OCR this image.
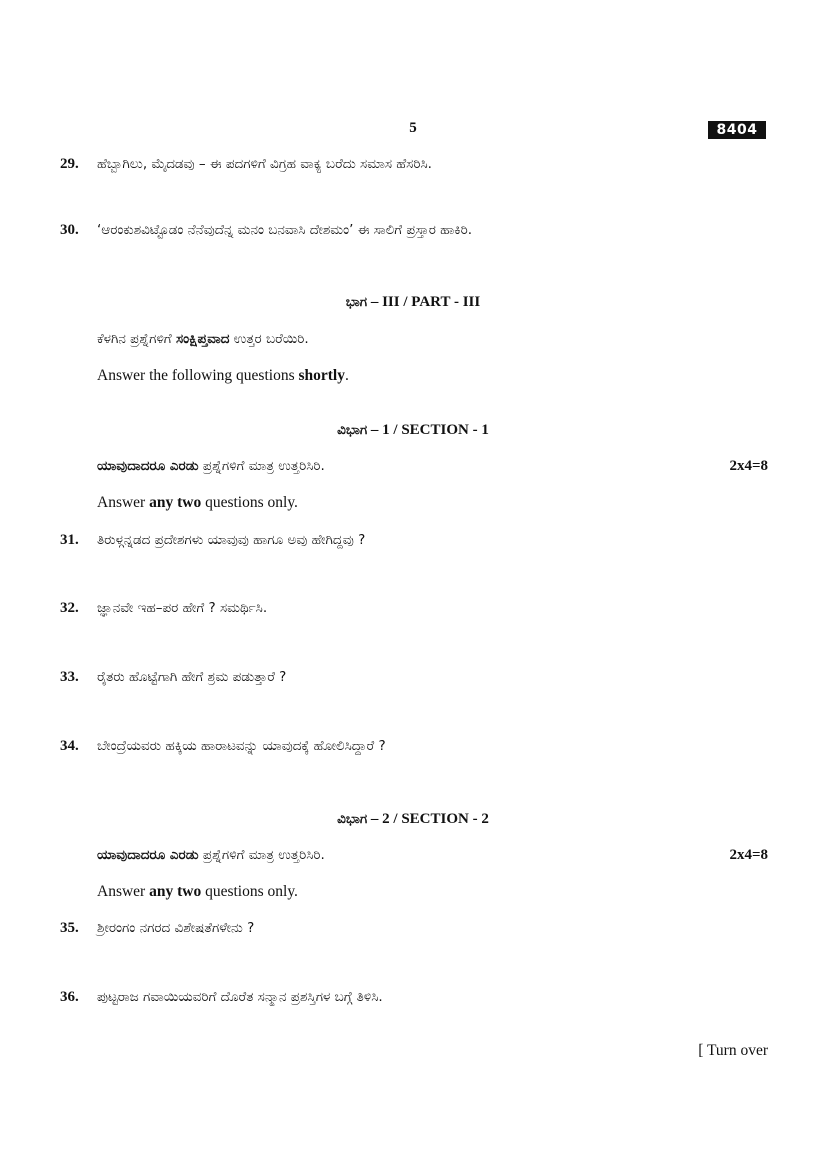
5	8404
29.	ಹೆಬ್ಬಾಗಿಲು, ಮೈದಡವು – ಈ ಪದಗಳಿಗೆ ವಿಗ್ರಹ ವಾಕ್ಯ ಬರೆದು ಸಮಾಸ ಹೆಸರಿಸಿ.
30.	‘ಆರಂಕುಶವಿಟ್ಟೊಡಂ ನೆನೆವುದೆನ್ನ ಮನಂ ಬನವಾಸಿ ದೇಶಮಂ’ ಈ ಸಾಲಿಗೆ ಪ್ರಸ್ತಾರ ಹಾಕಿರಿ.
ಭಾಗ – III / PART - III
ಕೆಳಗಿನ ಪ್ರಶ್ನೆಗಳಿಗೆ ಸಂಕ್ಷಿಪ್ತವಾದ ಉತ್ತರ ಬರೆಯಿರಿ.
Answer the following questions shortly.
ವಿಭಾಗ – 1 / SECTION - 1
ಯಾವುದಾದರೂ ಎರಡು ಪ್ರಶ್ನೆಗಳಿಗೆ ಮಾತ್ರ ಉತ್ತರಿಸಿರಿ.	2x4=8
Answer any two questions only.
31.	ತಿರುಳ್ಗನ್ನಡದ ಪ್ರದೇಶಗಳು ಯಾವುವು ಹಾಗೂ ಅವು ಹೇಗಿದ್ದವು ?
32.	ಜ್ಞಾನವೇ ಇಹ–ಪರ ಹೇಗೆ ? ಸಮರ್ಥಿಸಿ.
33.	ರೈತರು ಹೊಟ್ಟೆಗಾಗಿ ಹೇಗೆ ಶ್ರಮ ಪಡುತ್ತಾರೆ ?
34.	ಬೇಂದ್ರೆಯವರು ಹಕ್ಕಿಯ ಹಾರಾಟವನ್ನು ಯಾವುದಕ್ಕೆ ಹೋಲಿಸಿದ್ದಾರೆ ?
ವಿಭಾಗ – 2 / SECTION - 2
ಯಾವುದಾದರೂ ಎರಡು ಪ್ರಶ್ನೆಗಳಿಗೆ ಮಾತ್ರ ಉತ್ತರಿಸಿರಿ.	2x4=8
Answer any two questions only.
35.	ಶ್ರೀರಂಗಂ ನಗರದ ವಿಶೇಷತೆಗಳೇನು ?
36.	ಪುಟ್ಟರಾಜ ಗವಾಯಿಯವರಿಗೆ ದೊರೆತ ಸನ್ಮಾನ ಪ್ರಶಸ್ತಿಗಳ ಬಗ್ಗೆ ತಿಳಿಸಿ.
[ Turn over
